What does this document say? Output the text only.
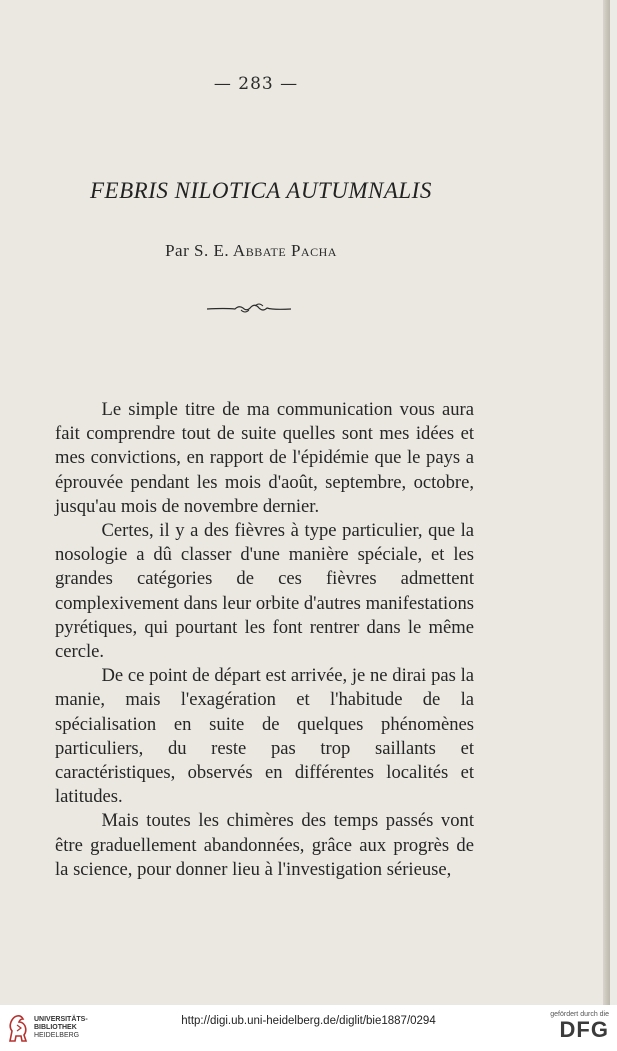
— 283 —
FEBRIS NILOTICA AUTUMNALIS
Par S. E. Abbate Pacha

Le simple titre de ma communication vous aura fait comprendre tout de suite quelles sont mes idées et mes convictions, en rapport de l'épidémie que le pays a éprouvée pendant les mois d'août, septembre, octobre, jusqu'au mois de novembre dernier.

Certes, il y a des fièvres à type particulier, que la nosologie a dû classer d'une manière spéciale, et les grandes catégories de ces fièvres admettent complexivement dans leur orbite d'autres manifestations pyrétiques, qui pourtant les font rentrer dans le même cercle.

De ce point de départ est arrivée, je ne dirai pas la manie, mais l'exagération et l'habitude de la spécialisation en suite de quelques phénomènes particuliers, du reste pas trop saillants et caractéristiques, observés en différentes localités et latitudes.

Mais toutes les chimères des temps passés vont être graduellement abandonnées, grâce aux progrès de la science, pour donner lieu à l'investigation sérieuse,

UNIVERSITÄTS-
BIBLIOTHEK
HEIDELBERG
http://digi.ub.uni-heidelberg.de/diglit/bie1887/0294
gefördert durch die
DFG
